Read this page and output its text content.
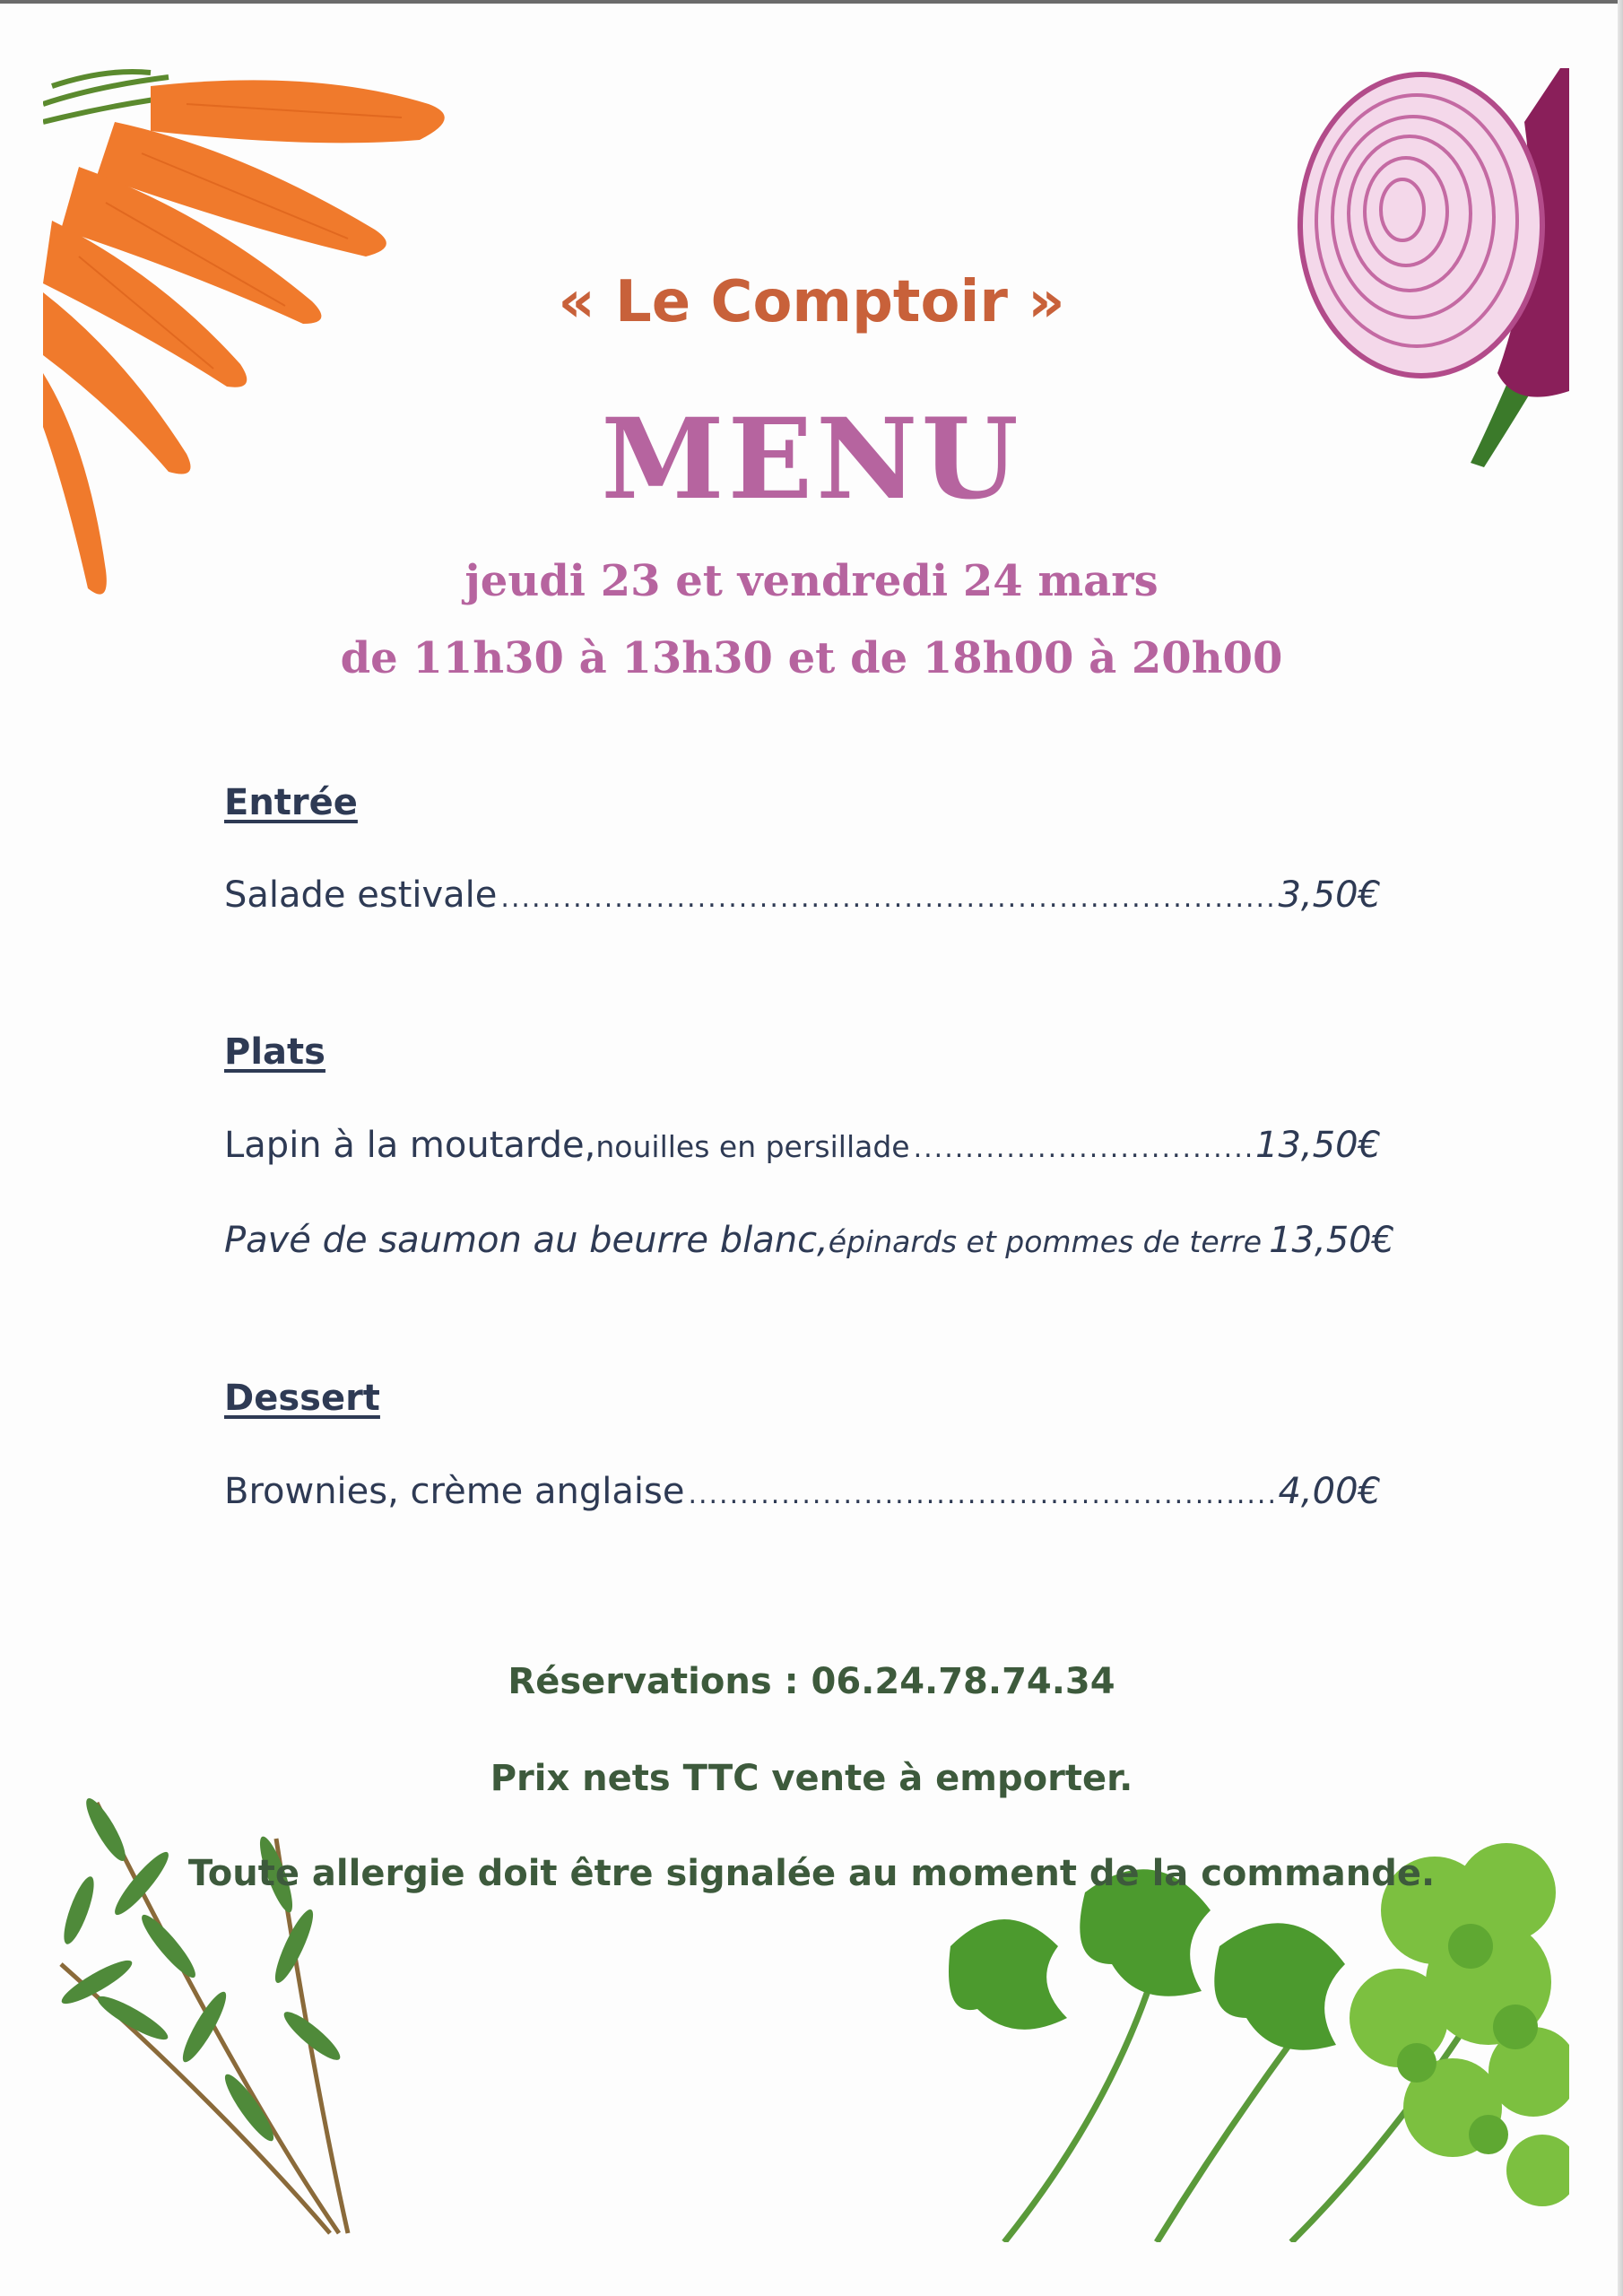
« Le Comptoir »
MENU
jeudi 23 et vendredi 24 mars
de 11h30 à 13h30 et de 18h00 à 20h00
Entrée
Salade estivale .....	3,50€
Plats
Lapin à la moutarde, nouilles en persillade .....	13,50€
Pavé de saumon au beurre blanc, épinards et pommes de terre 13,50€
Dessert
Brownies, crème anglaise .....	4,00€
Réservations : 06.24.78.74.34
Prix nets TTC vente à emporter.
Toute allergie doit être signalée au moment de la commande.
